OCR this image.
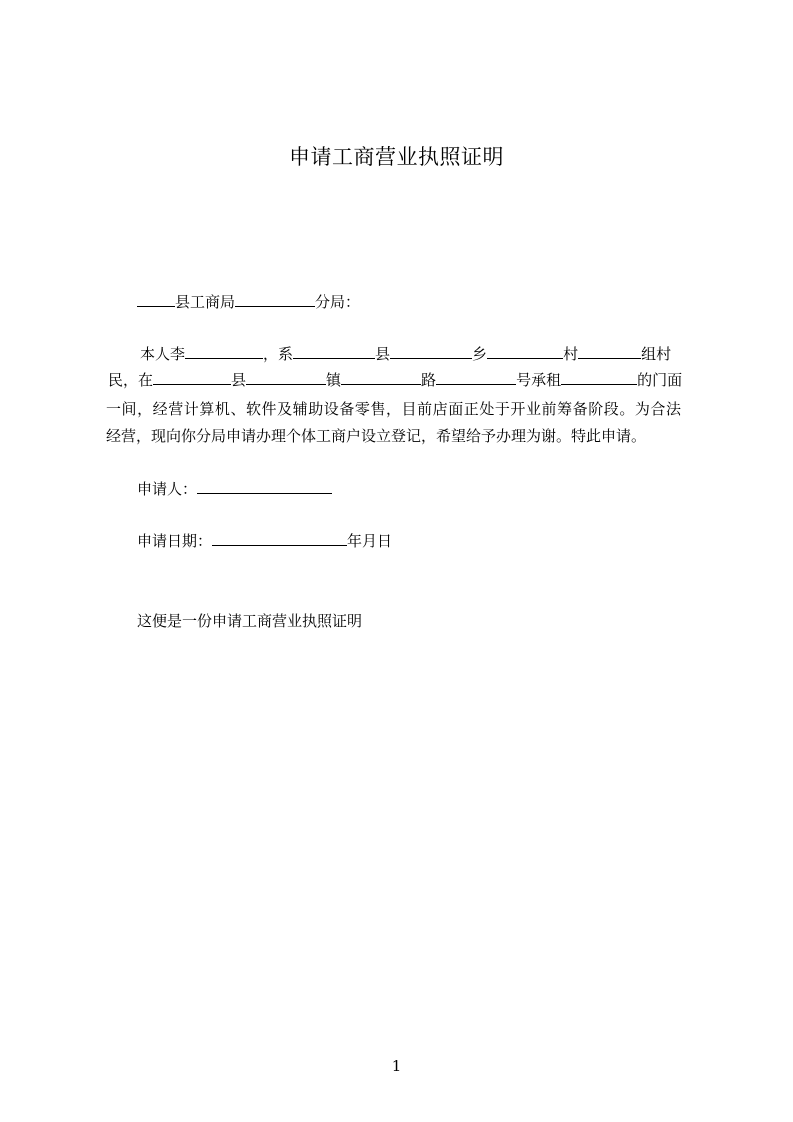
申请工商营业执照证明
县工商局	分局：
本人李	，系	县	乡	村	组村
民，在	县	镇	路	号承租	的门面
一间，经营计算机、软件及辅助设备零售，目前店面正处于开业前筹备阶段。为合法
经营，现向你分局申请办理个体工商户设立登记，希望给予办理为谢。特此申请。
申请人：
申请日期：	年月日
这便是一份申请工商营业执照证明
1
